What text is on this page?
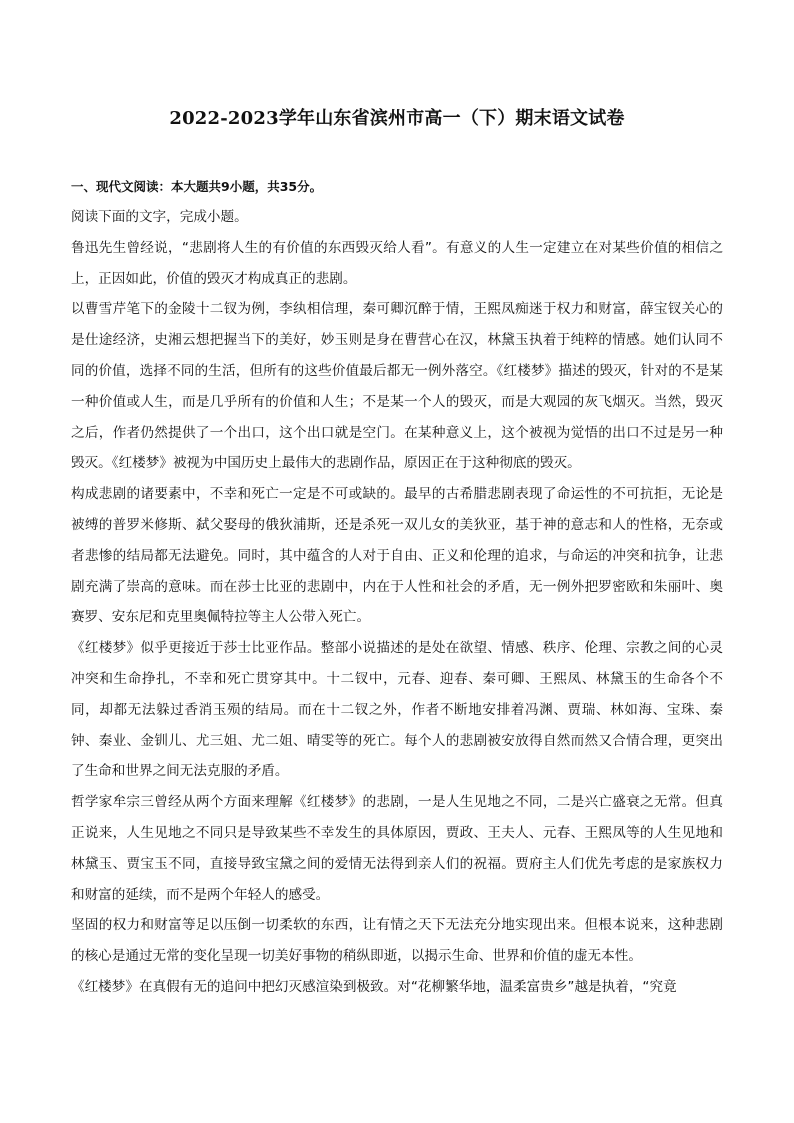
2022-2023学年山东省滨州市高一（下）期末语文试卷

一、现代文阅读：本大题共9小题，共35分。

阅读下面的文字，完成小题。

鲁迅先生曾经说，“悲剧将人生的有价值的东西毁灭给人看”。有意义的人生一定建立在对某些价值的相信之上，正因如此，价值的毁灭才构成真正的悲剧。

以曹雪芹笔下的金陵十二钗为例，李纨相信理，秦可卿沉醉于情，王熙凤痴迷于权力和财富，薛宝钗关心的是仕途经济，史湘云想把握当下的美好，妙玉则是身在曹营心在汉，林黛玉执着于纯粹的情感。她们认同不同的价值，选择不同的生活，但所有的这些价值最后都无一例外落空。《红楼梦》描述的毁灭，针对的不是某一种价值或人生，而是几乎所有的价值和人生；不是某一个人的毁灭，而是大观园的灰飞烟灭。当然，毁灭之后，作者仍然提供了一个出口，这个出口就是空门。在某种意义上，这个被视为觉悟的出口不过是另一种毁灭。《红楼梦》被视为中国历史上最伟大的悲剧作品，原因正在于这种彻底的毁灭。

构成悲剧的诸要素中，不幸和死亡一定是不可或缺的。最早的古希腊悲剧表现了命运性的不可抗拒，无论是被缚的普罗米修斯、弑父娶母的俄狄浦斯，还是杀死一双儿女的美狄亚，基于神的意志和人的性格，无奈或者悲惨的结局都无法避免。同时，其中蕴含的人对于自由、正义和伦理的追求，与命运的冲突和抗争，让悲剧充满了崇高的意味。而在莎士比亚的悲剧中，内在于人性和社会的矛盾，无一例外把罗密欧和朱丽叶、奥赛罗、安东尼和克里奥佩特拉等主人公带入死亡。

《红楼梦》似乎更接近于莎士比亚作品。整部小说描述的是处在欲望、情感、秩序、伦理、宗教之间的心灵冲突和生命挣扎，不幸和死亡贯穿其中。十二钗中，元春、迎春、秦可卿、王熙凤、林黛玉的生命各个不同，却都无法躲过香消玉殒的结局。而在十二钗之外，作者不断地安排着冯渊、贾瑞、林如海、宝珠、秦钟、秦业、金钏儿、尤三姐、尤二姐、晴雯等的死亡。每个人的悲剧被安放得自然而然又合情合理，更突出了生命和世界之间无法克服的矛盾。

哲学家牟宗三曾经从两个方面来理解《红楼梦》的悲剧，一是人生见地之不同，二是兴亡盛衰之无常。但真正说来，人生见地之不同只是导致某些不幸发生的具体原因，贾政、王夫人、元春、王熙凤等的人生见地和林黛玉、贾宝玉不同，直接导致宝黛之间的爱情无法得到亲人们的祝福。贾府主人们优先考虑的是家族权力和财富的延续，而不是两个年轻人的感受。

坚固的权力和财富等足以压倒一切柔软的东西，让有情之天下无法充分地实现出来。但根本说来，这种悲剧的核心是通过无常的变化呈现一切美好事物的稍纵即逝，以揭示生命、世界和价值的虚无本性。

《红楼梦》在真假有无的追问中把幻灭感渲染到极致。对“花柳繁华地，温柔富贵乡”越是执着，“究竟
